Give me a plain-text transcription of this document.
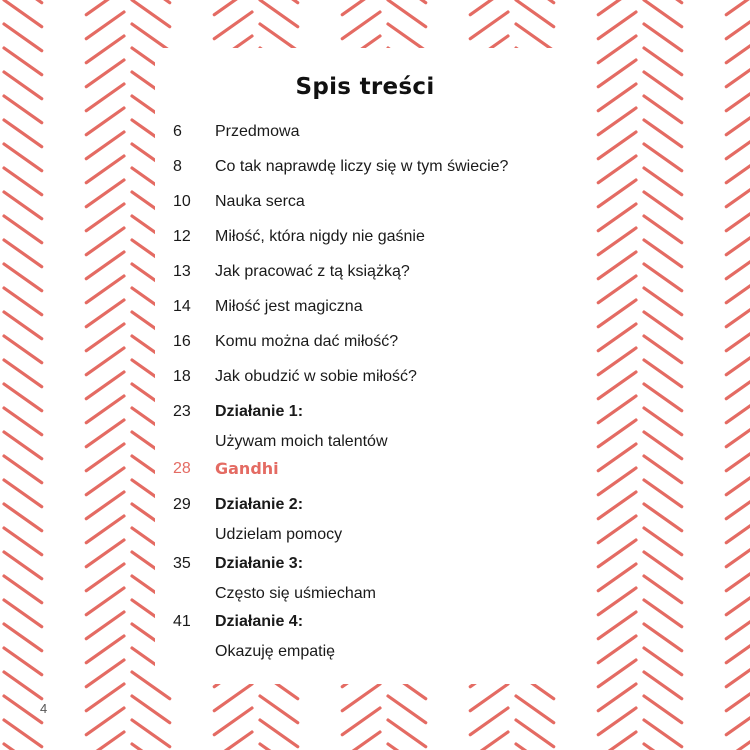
Spis treści
6	Przedmowa
8	Co tak naprawdę liczy się w tym świecie?
10	Nauka serca
12	Miłość, która nigdy nie gaśnie
13	Jak pracować z tą książką?
14	Miłość jest magiczna
16	Komu można dać miłość?
18	Jak obudzić w sobie miłość?
23	Działanie 1:
Używam moich talentów
28	Gandhi
29	Działanie 2:
Udzielam pomocy
35	Działanie 3:
Często się uśmiecham
41	Działanie 4:
Okazuję empatię
4
